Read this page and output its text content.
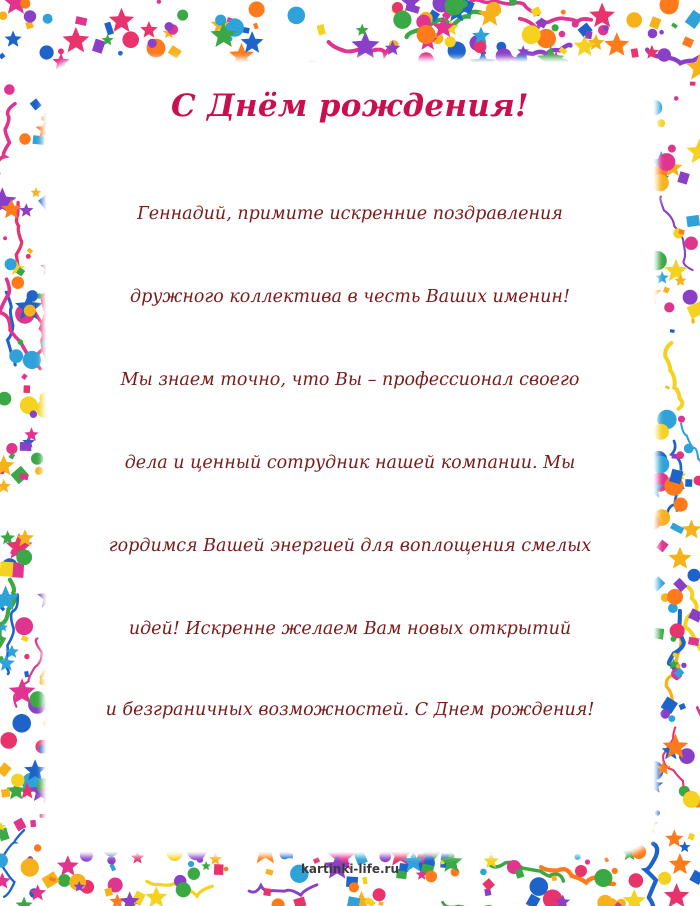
С Днём рождения!
Геннадий, примите искренние поздравления
дружного коллектива в честь Ваших именин!
Мы знаем точно, что Вы – профессионал своего
дела и ценный сотрудник нашей компании. Мы
гордимся Вашей энергией для воплощения смелых
идей! Искренне желаем Вам новых открытий
и безграничных возможностей. С Днем рождения!
kartinki-life.ru
